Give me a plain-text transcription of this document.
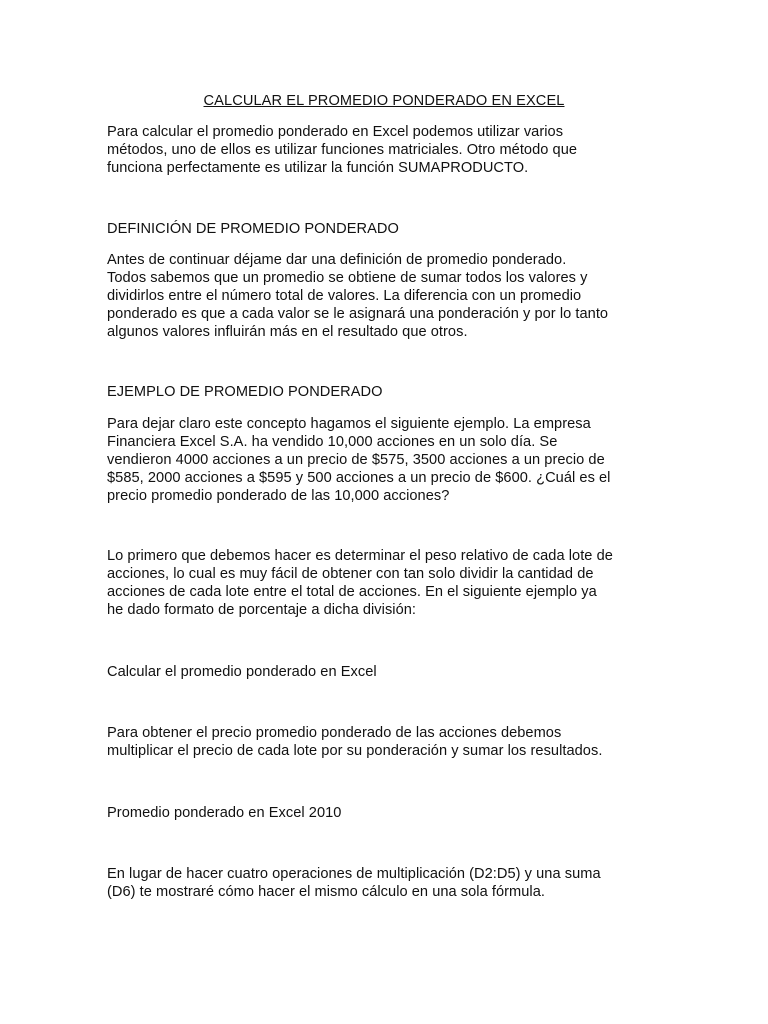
CALCULAR EL PROMEDIO PONDERADO EN EXCEL

Para calcular el promedio ponderado en Excel podemos utilizar varios
métodos, uno de ellos es utilizar funciones matriciales. Otro método que
funciona perfectamente es utilizar la función SUMAPRODUCTO.

DEFINICIÓN DE PROMEDIO PONDERADO

Antes de continuar déjame dar una definición de promedio ponderado.
Todos sabemos que un promedio se obtiene de sumar todos los valores y
dividirlos entre el número total de valores. La diferencia con un promedio
ponderado es que a cada valor se le asignará una ponderación y por lo tanto
algunos valores influirán más en el resultado que otros.

EJEMPLO DE PROMEDIO PONDERADO

Para dejar claro este concepto hagamos el siguiente ejemplo. La empresa
Financiera Excel S.A. ha vendido 10,000 acciones en un solo día. Se
vendieron 4000 acciones a un precio de $575, 3500 acciones a un precio de
$585, 2000 acciones a $595 y 500 acciones a un precio de $600. ¿Cuál es el
precio promedio ponderado de las 10,000 acciones?

Lo primero que debemos hacer es determinar el peso relativo de cada lote de
acciones, lo cual es muy fácil de obtener con tan solo dividir la cantidad de
acciones de cada lote entre el total de acciones. En el siguiente ejemplo ya
he dado formato de porcentaje a dicha división:

Calcular el promedio ponderado en Excel

Para obtener el precio promedio ponderado de las acciones debemos
multiplicar el precio de cada lote por su ponderación y sumar los resultados.

Promedio ponderado en Excel 2010

En lugar de hacer cuatro operaciones de multiplicación (D2:D5) y una suma
(D6) te mostraré cómo hacer el mismo cálculo en una sola fórmula.
